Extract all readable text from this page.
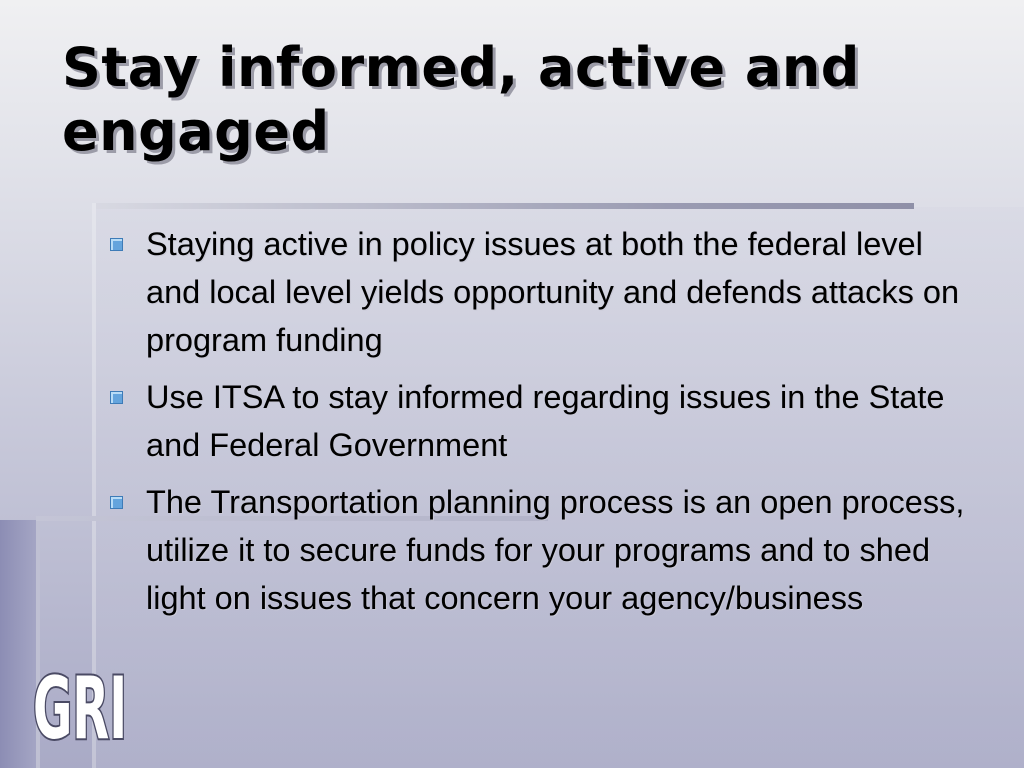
Stay informed, active and engaged
Staying active in policy issues at both the federal level and local level yields opportunity and defends attacks on program funding
Use ITSA to stay informed regarding issues in the State and Federal Government
The Transportation planning process is an open process, utilize it to secure funds for your programs and to shed light on issues that concern your agency/business
GRI
